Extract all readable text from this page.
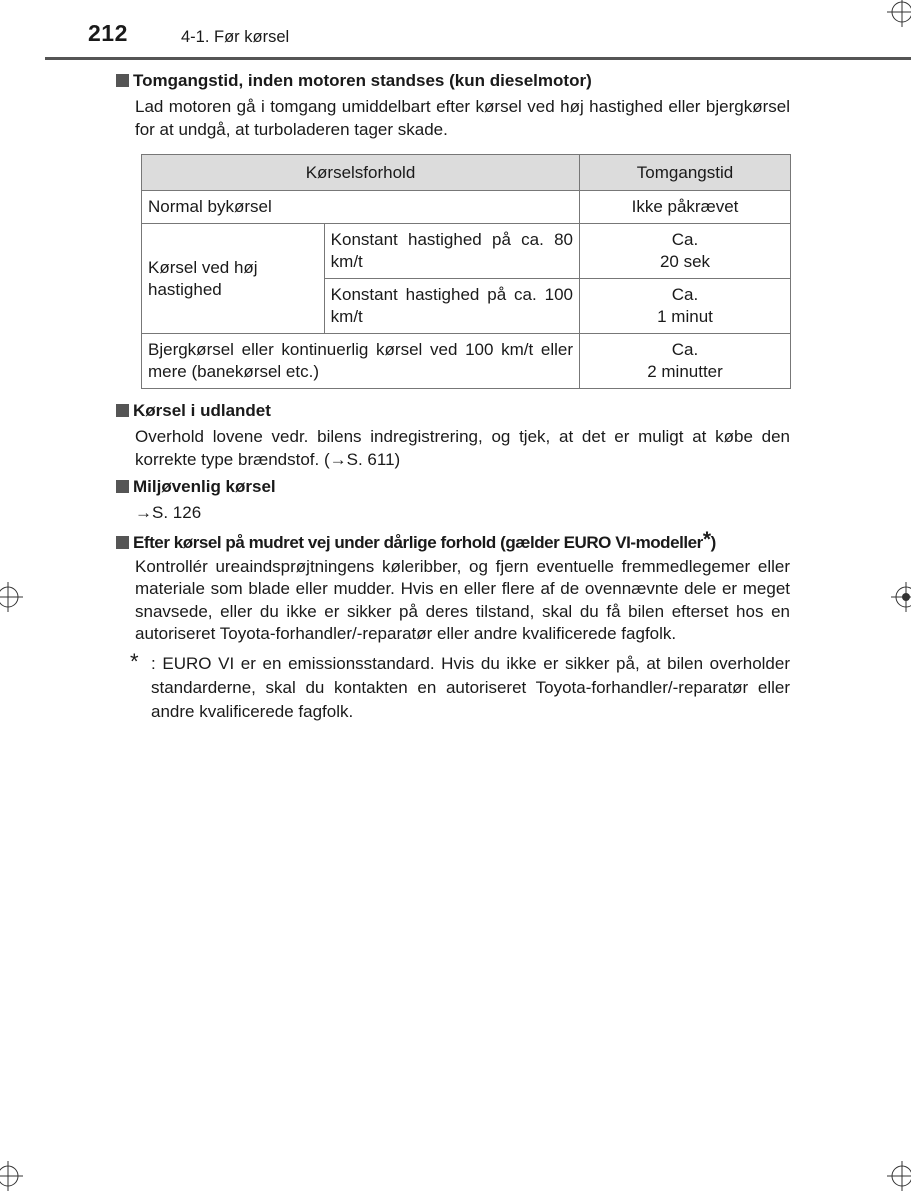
212	4-1. Før kørsel
Tomgangstid, inden motoren standses (kun dieselmotor)
Lad motoren gå i tomgang umiddelbart efter kørsel ved høj hastighed eller bjergkørsel for at undgå, at turboladeren tager skade.
Kørselsforhold		Tomgangstid
Normal bykørsel		Ikke påkrævet
Kørsel ved høj hastighed	Konstant hastighed på ca. 80 km/t	Ca.
20 sek

	Konstant hastighed på ca. 100 km/t	Ca.
1 minut

Bjergkørsel eller kontinuerlig kørsel ved 100 km/t eller mere (banekørsel etc.)		Ca.
2 minutter
Kørsel i udlandet
Overhold lovene vedr. bilens indregistrering, og tjek, at det er muligt at købe den korrekte type brændstof. (→S. 611)
Miljøvenlig kørsel
→S. 126
Efter kørsel på mudret vej under dårlige forhold (gælder EURO VI-modeller*)
Kontrollér ureaindsprøjtningens køleribber, og fjern eventuelle fremmedlegemer eller materiale som blade eller mudder. Hvis en eller flere af de ovennævnte dele er meget snavsede, eller du ikke er sikker på deres tilstand, skal du få bilen efterset hos en autoriseret Toyota-forhandler/-reparatør eller andre kvalificerede fagfolk.
* : EURO VI er en emissionsstandard. Hvis du ikke er sikker på, at bilen overholder standarderne, skal du kontakten en autoriseret Toyota-forhandler/-reparatør eller andre kvalificerede fagfolk.
